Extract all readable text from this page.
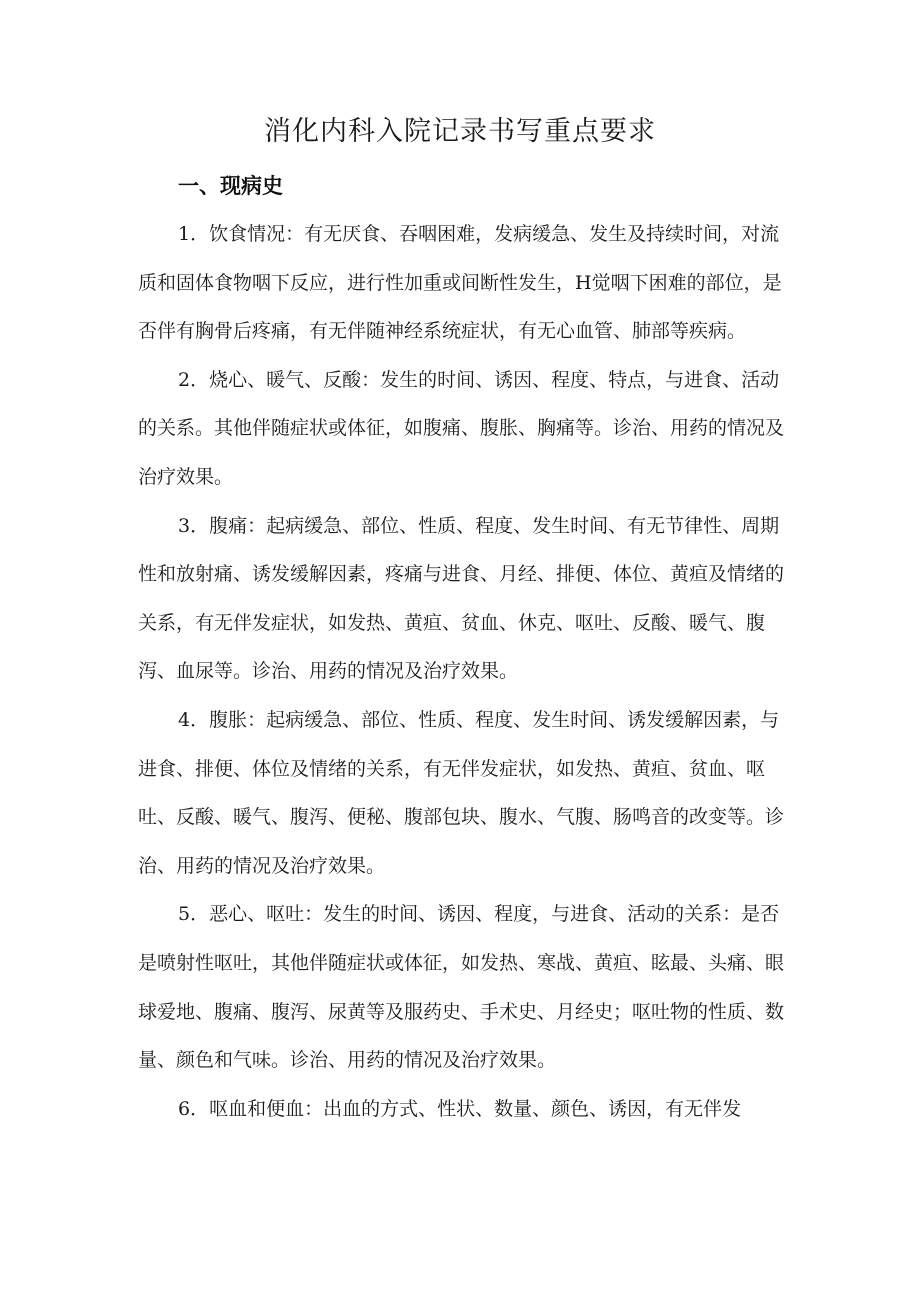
消化内科入院记录书写重点要求
一、现病史

1．饮食情况：有无厌食、吞咽困难，发病缓急、发生及持续时间，对流质和固体食物咽下反应，进行性加重或间断性发生，H觉咽下困难的部位，是否伴有胸骨后疼痛，有无伴随神经系统症状，有无心血管、肺部等疾病。

2．烧心、暖气、反酸：发生的时间、诱因、程度、特点，与进食、活动的关系。其他伴随症状或体征，如腹痛、腹胀、胸痛等。诊治、用药的情况及治疗效果。

3．腹痛：起病缓急、部位、性质、程度、发生时间、有无节律性、周期性和放射痛、诱发缓解因素，疼痛与进食、月经、排便、体位、黄疸及情绪的关系，有无伴发症状，如发热、黄疸、贫血、休克、呕吐、反酸、暖气、腹泻、血尿等。诊治、用药的情况及治疗效果。

4．腹胀：起病缓急、部位、性质、程度、发生时间、诱发缓解因素，与进食、排便、体位及情绪的关系，有无伴发症状，如发热、黄疸、贫血、呕吐、反酸、暖气、腹泻、便秘、腹部包块、腹水、气腹、肠鸣音的改变等。诊治、用药的情况及治疗效果。

5．恶心、呕吐：发生的时间、诱因、程度，与进食、活动的关系：是否是喷射性呕吐，其他伴随症状或体征，如发热、寒战、黄疸、眩最、头痛、眼球爱地、腹痛、腹泻、尿黄等及服药史、手术史、月经史；呕吐物的性质、数量、颜色和气味。诊治、用药的情况及治疗效果。

6．呕血和便血：出血的方式、性状、数量、颜色、诱因，有无伴发
